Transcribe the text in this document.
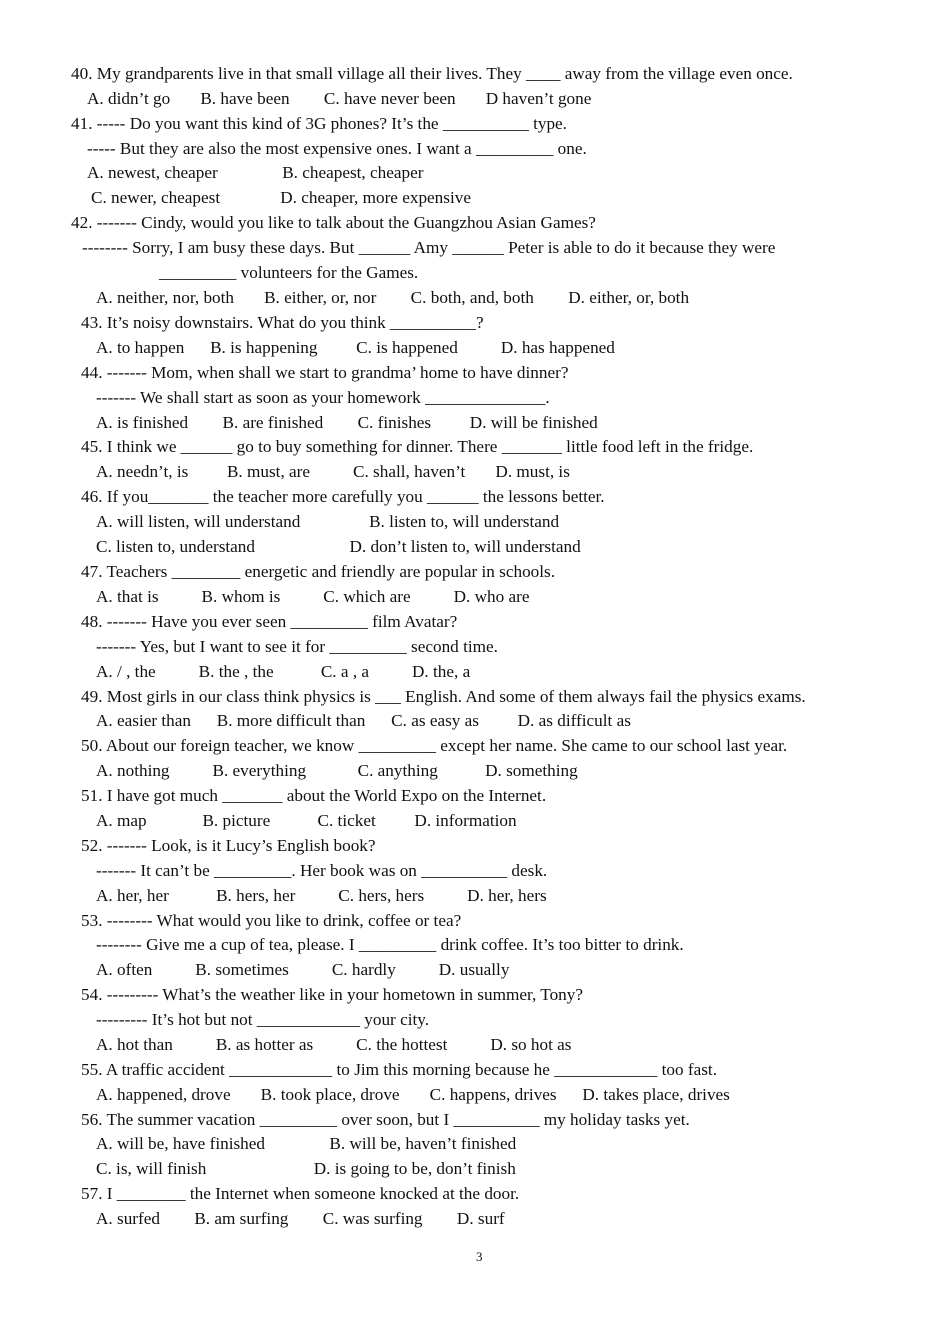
40. My grandparents live in that small village all their lives. They ____ away from the village even once.
A. didn’t go       B. have been        C. have never been       D haven’t gone
41. ----- Do you want this kind of 3G phones? It’s the __________ type.
----- But they are also the most expensive ones. I want a _________ one.
A. newest, cheaper               B. cheapest, cheaper
C. newer, cheapest              D. cheaper, more expensive
42. ------- Cindy, would you like to talk about the Guangzhou Asian Games?
-------- Sorry, I am busy these days. But ______ Amy ______ Peter is able to do it because they were
_________ volunteers for the Games.
A. neither, nor, both       B. either, or, nor        C. both, and, both        D. either, or, both
43. It’s noisy downstairs. What do you think __________?
A. to happen      B. is happening         C. is happened          D. has happened
44. ------- Mom, when shall we start to grandma’ home to have dinner?
------- We shall start as soon as your homework ______________.
A. is finished        B. are finished        C. finishes         D. will be finished
45. I think we ______ go to buy something for dinner. There _______ little food left in the fridge.
A. needn’t, is         B. must, are          C. shall, haven’t       D. must, is
46. If you_______ the teacher more carefully you ______ the lessons better.
A. will listen, will understand                B. listen to, will understand
C. listen to, understand                      D. don’t listen to, will understand
47. Teachers ________ energetic and friendly are popular in schools.
A. that is          B. whom is          C. which are          D. who are
48. ------- Have you ever seen _________ film Avatar?
------- Yes, but I want to see it for _________ second time.
A. / , the          B. the , the           C. a , a          D. the, a
49. Most girls in our class think physics is ___ English. And some of them always fail the physics exams.
A. easier than      B. more difficult than      C. as easy as         D. as difficult as
50. About our foreign teacher, we know _________ except her name. She came to our school last year.
A. nothing          B. everything            C. anything           D. something
51. I have got much _______ about the World Expo on the Internet.
A. map             B. picture           C. ticket         D. information
52. ------- Look, is it Lucy’s English book?
------- It can’t be _________. Her book was on __________ desk.
A. her, her           B. hers, her          C. hers, hers          D. her, hers
53. -------- What would you like to drink, coffee or tea?
-------- Give me a cup of tea, please. I _________ drink coffee. It’s too bitter to drink.
A. often          B. sometimes          C. hardly          D. usually
54. --------- What’s the weather like in your hometown in summer, Tony?
--------- It’s hot but not ____________ your city.
A. hot than          B. as hotter as          C. the hottest          D. so hot as
55. A traffic accident ____________ to Jim this morning because he ____________ too fast.
A. happened, drove       B. took place, drove       C. happens, drives      D. takes place, drives
56. The summer vacation _________ over soon, but I __________ my holiday tasks yet.
A. will be, have finished               B. will be, haven’t finished
C. is, will finish                         D. is going to be, don’t finish
57. I ________ the Internet when someone knocked at the door.
A. surfed        B. am surfing        C. was surfing        D. surf
3
